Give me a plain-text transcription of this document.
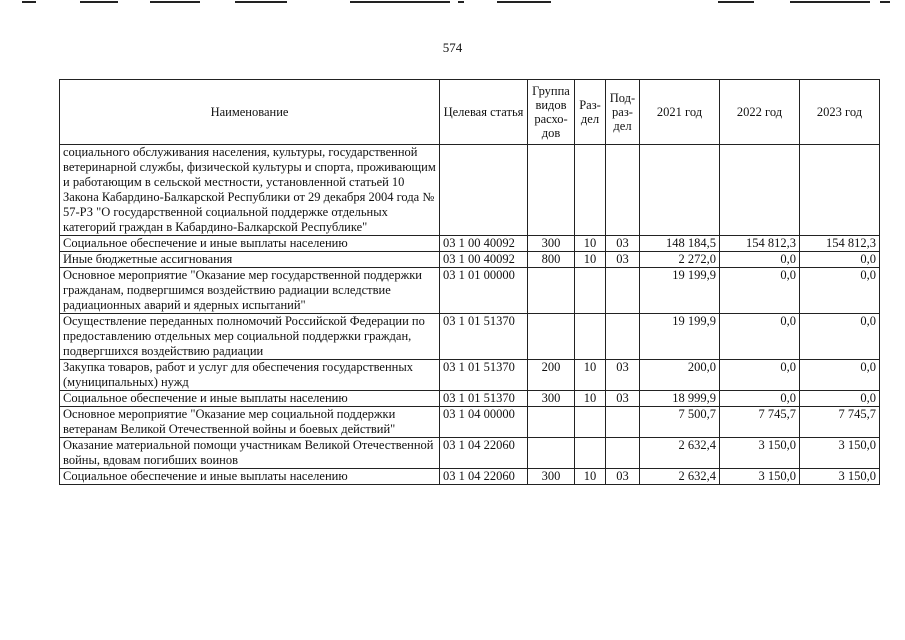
574
Наименование	Целевая статья	Группа видов расхо-дов	Раз-дел	Под-раз-дел	2021 год	2022 год	2023 год
социального обслуживания населения, культуры, государственной ветеринарной службы, физической культуры и спорта, проживающим и работающим в сельской местности, установленной статьей 10 Закона Кабардино-Балкарской Республики от 29 декабря 2004 года № 57-РЗ "О государственной социальной поддержке отдельных категорий граждан в Кабардино-Балкарской Республике"							
Социальное обеспечение и иные выплаты населению	03 1 00 40092	300	10	03	148 184,5	154 812,3	154 812,3
Иные бюджетные ассигнования	03 1 00 40092	800	10	03	2 272,0	0,0	0,0
Основное мероприятие "Оказание мер государственной поддержки гражданам, подвергшимся воздействию радиации вследствие радиационных аварий и ядерных испытаний"	03 1 01 00000				19 199,9	0,0	0,0
Осуществление переданных полномочий Российской Федерации по предоставлению отдельных мер социальной поддержки граждан, подвергшихся воздействию радиации	03 1 01 51370				19 199,9	0,0	0,0
Закупка товаров, работ и услуг для обеспечения государственных (муниципальных) нужд	03 1 01 51370	200	10	03	200,0	0,0	0,0
Социальное обеспечение и иные выплаты населению	03 1 01 51370	300	10	03	18 999,9	0,0	0,0
Основное мероприятие "Оказание мер социальной поддержки ветеранам Великой Отечественной войны и боевых действий"	03 1 04 00000				7 500,7	7 745,7	7 745,7
Оказание материальной помощи участникам Великой Отечественной войны, вдовам погибших воинов	03 1 04 22060				2 632,4	3 150,0	3 150,0
Социальное обеспечение и иные выплаты населению	03 1 04 22060	300	10	03	2 632,4	3 150,0	3 150,0
